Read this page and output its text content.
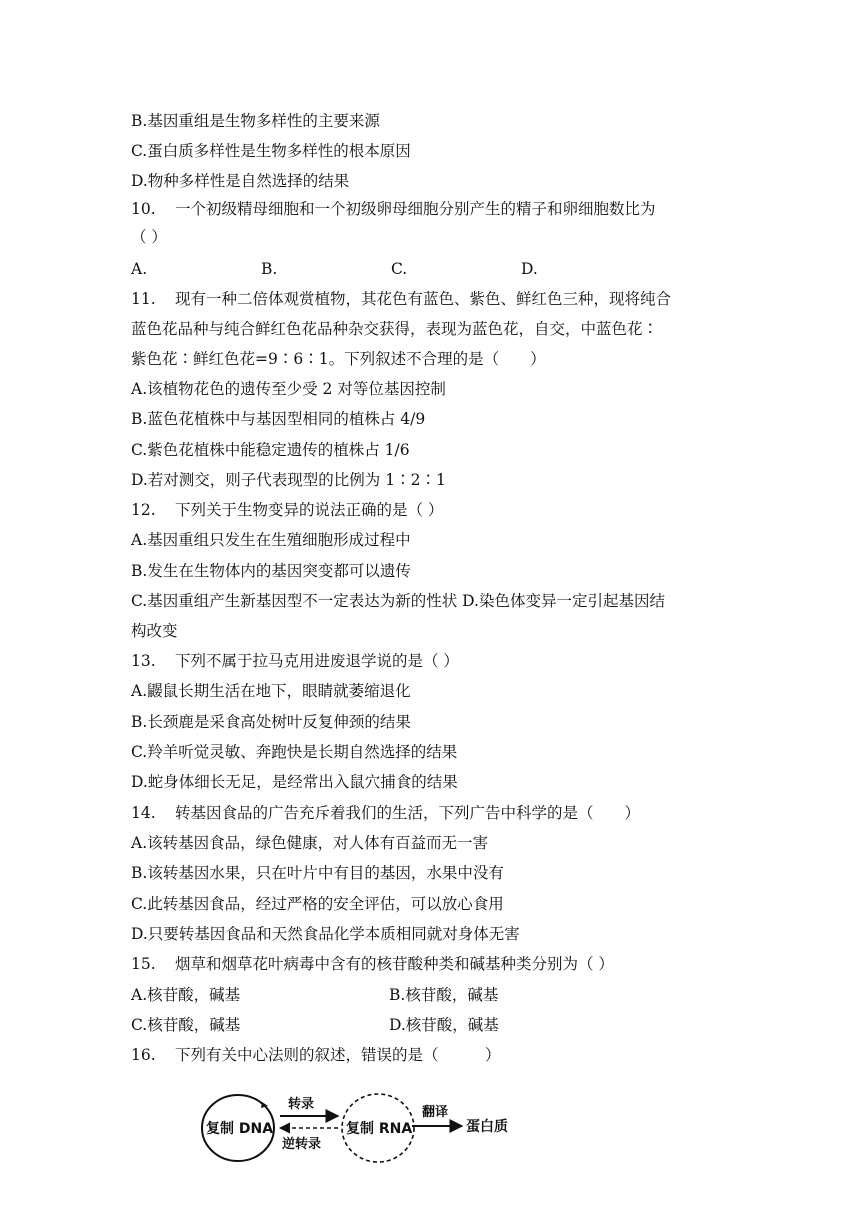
B.基因重组是生物多样性的主要来源
C.蛋白质多样性是生物多样性的根本原因
D.物种多样性是自然选择的结果
10. 一个初级精母细胞和一个初级卵母细胞分别产生的精子和卵细胞数比为
（ ）
A.	B.	C.	D.
11. 现有一种二倍体观赏植物，其花色有蓝色、紫色、鲜红色三种，现将纯合
蓝色花品种与纯合鲜红色花品种杂交获得，表现为蓝色花，自交，中蓝色花∶
紫色花∶鲜红色花=9∶6∶1。下列叙述不合理的是（　　）
A.该植物花色的遗传至少受 2 对等位基因控制
B.蓝色花植株中与基因型相同的植株占 4/9
C.紫色花植株中能稳定遗传的植株占 1/6
D.若对测交，则子代表现型的比例为 1∶2∶1
12. 下列关于生物变异的说法正确的是（ ）
A.基因重组只发生在生殖细胞形成过程中
B.发生在生物体内的基因突变都可以遗传
C.基因重组产生新基因型不一定表达为新的性状 D.染色体变异一定引起基因结
构改变
13. 下列不属于拉马克用进废退学说的是（ ）
A.鼹鼠长期生活在地下，眼睛就萎缩退化
B.长颈鹿是采食高处树叶反复伸颈的结果
C.羚羊听觉灵敏、奔跑快是长期自然选择的结果
D.蛇身体细长无足，是经常出入鼠穴捕食的结果
14. 转基因食品的广告充斥着我们的生活，下列广告中科学的是（　　）
A.该转基因食品，绿色健康，对人体有百益而无一害
B.该转基因水果，只在叶片中有目的基因，水果中没有
C.此转基因食品，经过严格的安全评估，可以放心食用
D.只要转基因食品和天然食品化学本质相同就对身体无害
15. 烟草和烟草花叶病毒中含有的核苷酸种类和碱基种类分别为（ ）
A.核苷酸，碱基	B.核苷酸，碱基
C.核苷酸，碱基	D.核苷酸，碱基
16. 下列有关中心法则的叙述，错误的是（　　　）
复制 DNA
转录
逆转录
复制 RNA
翻译
蛋白质
